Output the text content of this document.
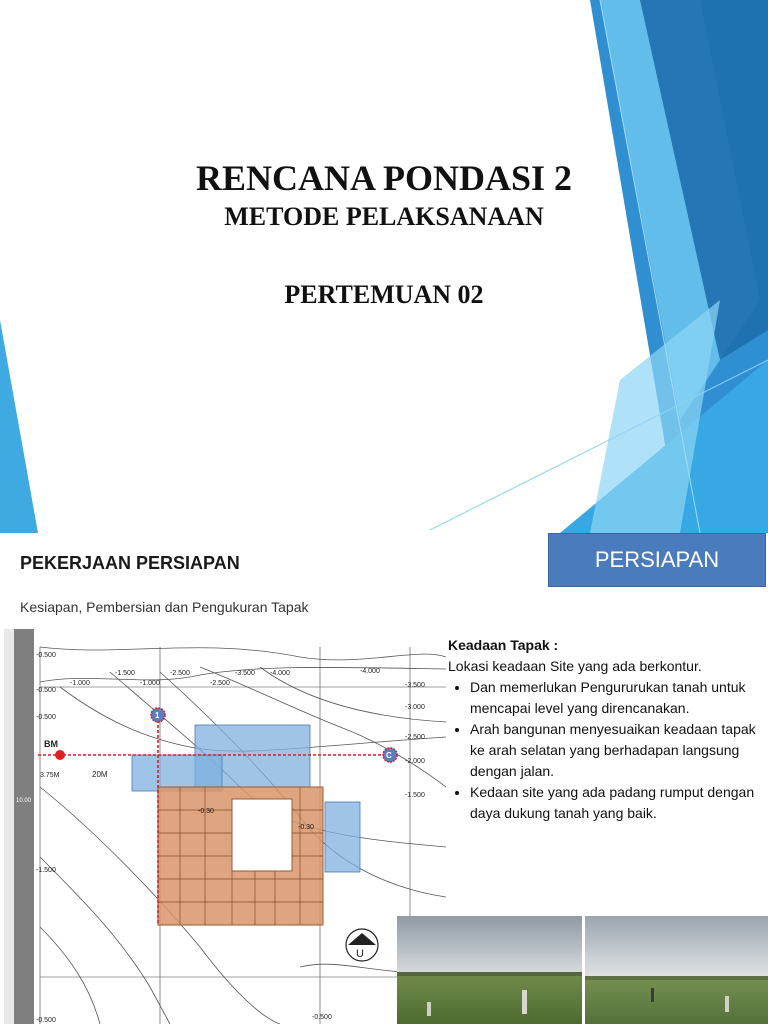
RENCANA PONDASI 2
METODE PELAKSANAAN
PERTEMUAN 02
PEKERJAAN PERSIAPAN
Kesiapan, Pembersian dan Pengukuran Tapak
PERSIAPAN
BM
3.75M	20M
1
C
U
10.00
-0.500
-1.000
-1.500	-2.500	-3.500 -4.000	-4.000
-3.500
-3.000
-2.500
-2.000
-1.500
-1.000
-0.500
-0.500
-1.500
-2.500
-0.500
-0.30
-0.30
-0.500
Keadaan Tapak :
Lokasi keadaan Site yang ada berkontur.
• Dan memerlukan Pengururukan tanah untuk mencapai level yang direncanakan.
• Arah bangunan menyesuaikan keadaan tapak ke arah selatan yang berhadapan langsung dengan jalan.
• Kedaan site yang ada padang rumput dengan daya dukung tanah yang baik.
